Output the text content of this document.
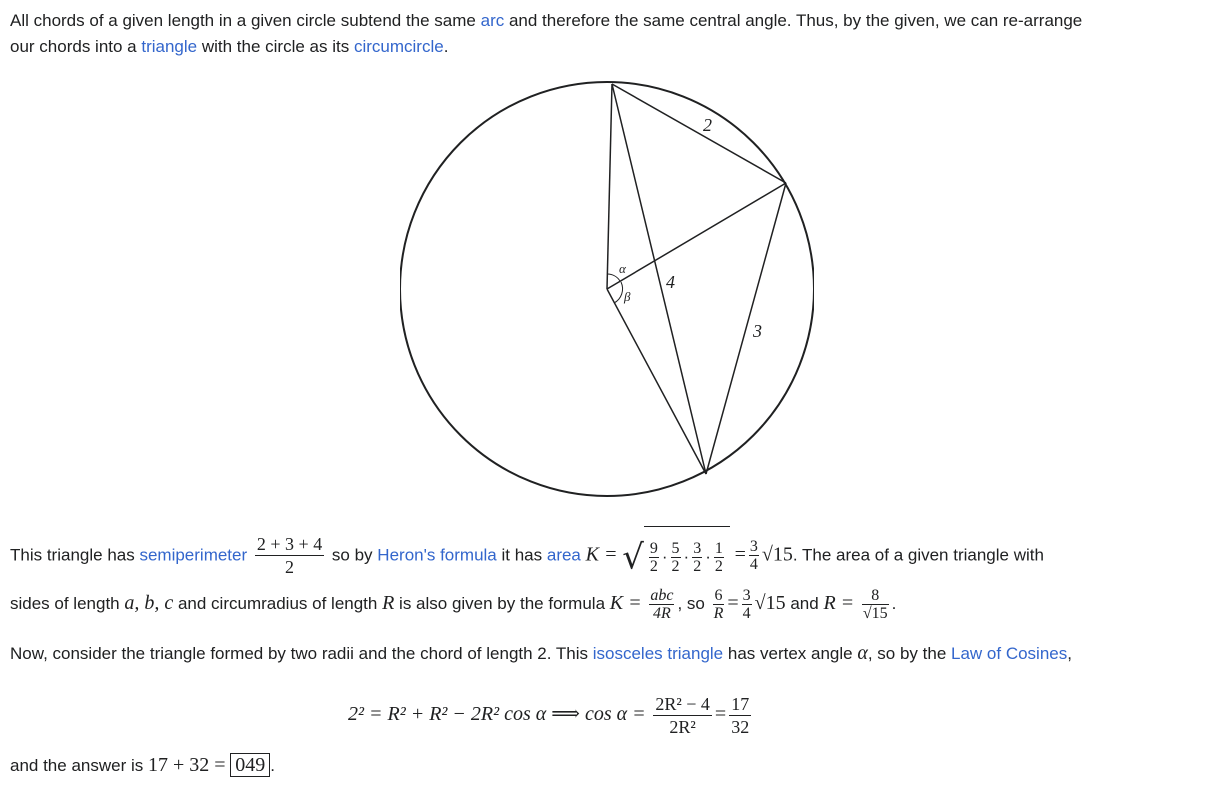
All chords of a given length in a given circle subtend the same arc and therefore the same central angle. Thus, by the given, we can re-arrange
our chords into a triangle with the circle as its circumcircle.
2
4
3
α
β
This triangle has semiperimeter $\frac{2 + 3 + 4}{2}$ so by Heron's formula it has area K = √ $\frac{9}{2} \cdot \frac{5}{2} \cdot \frac{3}{2} \cdot \frac{1}{2} = \frac{3}{4} √15$. The area of a given triangle with
sides of length a, b, c and circumradius of length R is also given by the formula $K = \frac{\text{abc}}{4R}$ , so $\frac{6}{R} = \frac{3}{4} √15$ and $R = \frac{8}{√15}$ .
Now, consider the triangle formed by two radii and the chord of length 2. This isosceles triangle has vertex angle α, so by the Law of Cosines,
2² = R² + R² − 2R² cos α ⟹ $\cos \alpha = \frac{\text{2R² − 4}}{\text{2R²}} = \frac{17}{32}$
and the answer is 17 + 32 = 049 .
